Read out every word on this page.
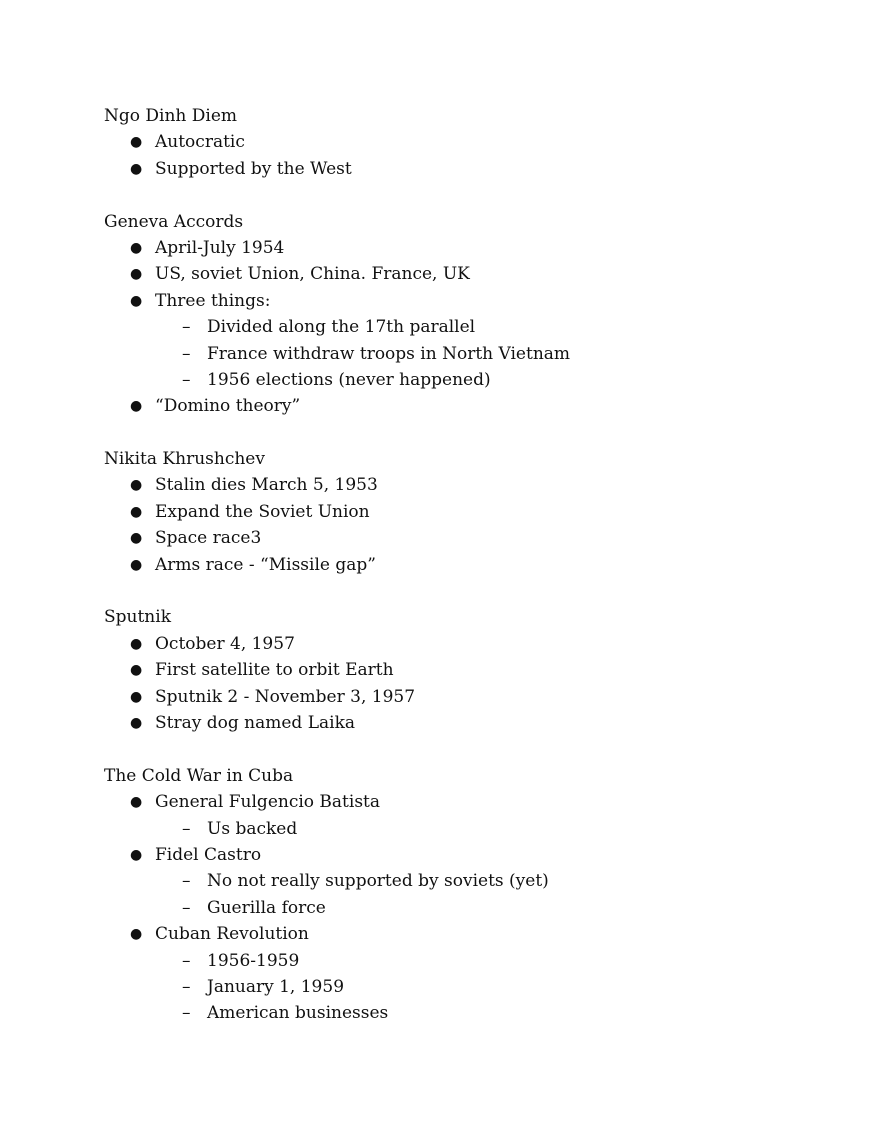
Ngo Dinh Diem
● Autocratic
● Supported by the West
Geneva Accords
● April-July 1954
● US, soviet Union, China. France, UK
● Three things:
– Divided along the 17th parallel
– France withdraw troops in North Vietnam
– 1956 elections (never happened)
● “Domino theory”
Nikita Khrushchev
● Stalin dies March 5, 1953
● Expand the Soviet Union
● Space race3
● Arms race - “Missile gap”
Sputnik
● October 4, 1957
● First satellite to orbit Earth
● Sputnik 2 - November 3, 1957
● Stray dog named Laika
The Cold War in Cuba
● General Fulgencio Batista
– Us backed
● Fidel Castro
– No not really supported by soviets (yet)
– Guerilla force
● Cuban Revolution
– 1956-1959
– January 1, 1959
– American businesses
